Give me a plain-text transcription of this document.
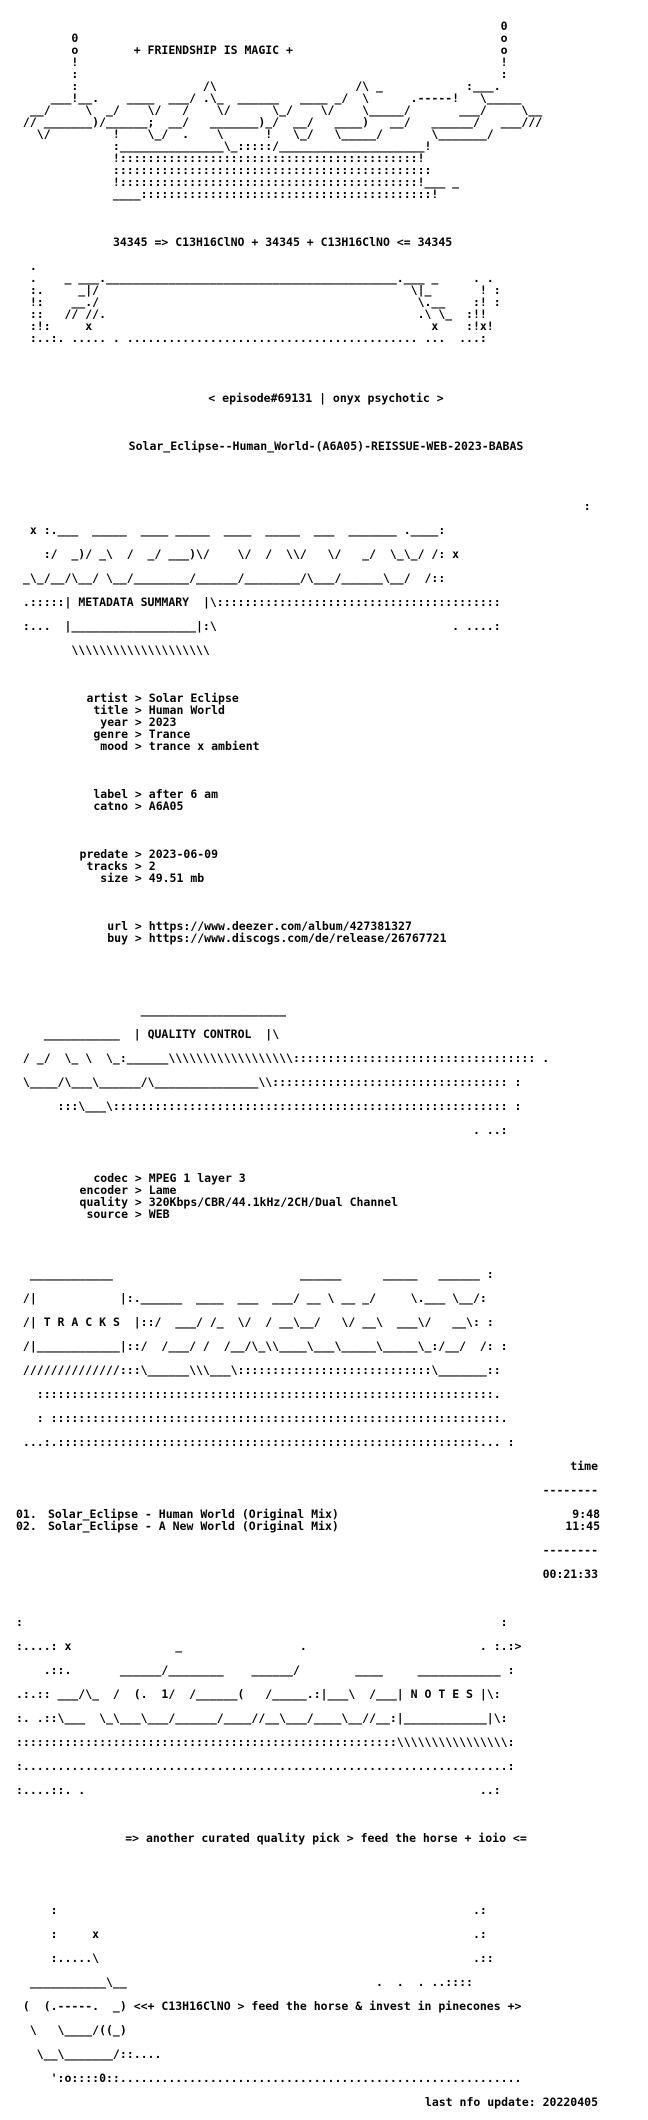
0
0                                                             o
o        + FRIENDSHIP IS MAGIC +                              o
!                                                             !
:                                                             :
:                  /\                    /\ _            :___.
___!__.    ____  ___/ .\_  ______   ____ _/  \      .-----!   \_____
__/     \  _/    \/   /    \/      \_/    \/    \_____/       ___/     \__
// _______)/______;  __/   _______)_/  __/   ____)   __/   ______/   ___///
\/         !    \_/  .    \      !   \_/   \_____/       \_______/
:_______________\_:::::/_____________________!
!:::::::::::::::::::::::::::::::::::::::::::!
::::::::::::::::::::::::::::::::::::::::::::::
!:::::::::::::::::::::::::::::::::::::::::::!___ _
____::::::::::::::::::::::::::::::::::::::::::!

34345 => C13H16ClNO + 34345 + C13H16ClNO <= 34345

.
.    _ ___.__________________________________________.___ _     . .
:.     _|/                                             \|_       ! :
!:    __./                                              \.__    :! :
::   // //.                                             .\ \_  :!!
:!:     x                                                 x    :!x!
:..:. ..... . .......................................... ...  ...:

< episode#69131 | onyx psychotic >

Solar_Eclipse--Human_World-(A6A05)-REISSUE-WEB-2023-BABAS

:

x :.___  _____  ____ _____  ____  _____  ___  _______ .____:

:/  _)/ _\  /  _/ ___)\/    \/  /  \\/   \/   _/  \_\_/ /: x

_\_/__/\__/ \__/________/______/________/\___/______\__/  /::

.:::::| METADATA SUMMARY  |\:::::::::::::::::::::::::::::::::::::::::

:...  |__________________|:\                                  . ....:

\\\\\\\\\\\\\\\\\\\\

artist > Solar Eclipse
title > Human World
year > 2023
genre > Trance
mood > trance x ambient

label > after 6 am
catno > A6A05

predate > 2023-06-09
tracks > 2
size > 49.51 mb

url > https://www.deezer.com/album/427381327
buy > https://www.discogs.com/de/release/26767721

_____________________

___________  | QUALITY CONTROL  |\

/ _/  \_ \  \_:______\\\\\\\\\\\\\\\\\\::::::::::::::::::::::::::::::::::: .

\____/\___\______/\_______________\\:::::::::::::::::::::::::::::::::: :

:::\___\::::::::::::::::::::::::::::::::::::::::::::::::::::::::: :

. ..:

codec > MPEG 1 layer 3
encoder > Lame
quality > 320Kbps/CBR/44.1kHz/2CH/Dual Channel
source > WEB

____________                           ______      _____   ______ :

/|            |:.______  ____  ___  ___/ __ \ __ _/     \.___ \__/:

/| T R A C K S  |::/  ___/ /_  \/  / __\__/   \/ __\  ___\/   __\: :

/|____________|::/  /___/ /  /__/\_\\____\___\_____\_____\_:/__/  /: :

//////////////:::\______\\\___\::::::::::::::::::::::::::::\_______::

::::::::::::::::::::::::::::::::::::::::::::::::::::::::::::::::::.

: :::::::::::::::::::::::::::::::::::::::::::::::::::::::::::::::::.

...:.:::::::::::::::::::::::::::::::::::::::::::::::::::::::::::::... :

time

--------

01. Solar_Eclipse - Human World (Original Mix)	9:48
02. Solar_Eclipse - A New World (Original Mix)	11:45

--------

00:21:33

:                                                                     :

:....: x               _                 .                         . :.:>

.::.       ______/________    ______/        ____     ____________ :

.:.:: ___/\_  /  (.  1/  /______(   /_____.:|___\  /___| N O T E S |\:

:. .::\___  \_\___\___/______/____//__\___/____\__//__:|____________|\:

:::::::::::::::::::::::::::::::::::::::::::::::::::::::\\\\\\\\\\\\\\\\:

:......................................................................:

:....::. .                                                         ..:

=> another curated quality pick > feed the horse + ioio <=

:                                                            .:

:     x                                                      .:

:.....\                                                      .::

___________\__                                    .  .  . ..::::

(  (.-----.  _) <<+ C13H16ClNO > feed the horse & invest in pinecones +>

\   \____/((_)

\__\_______/::....

':o::::0::..........................................................

last nfo update: 20220405
